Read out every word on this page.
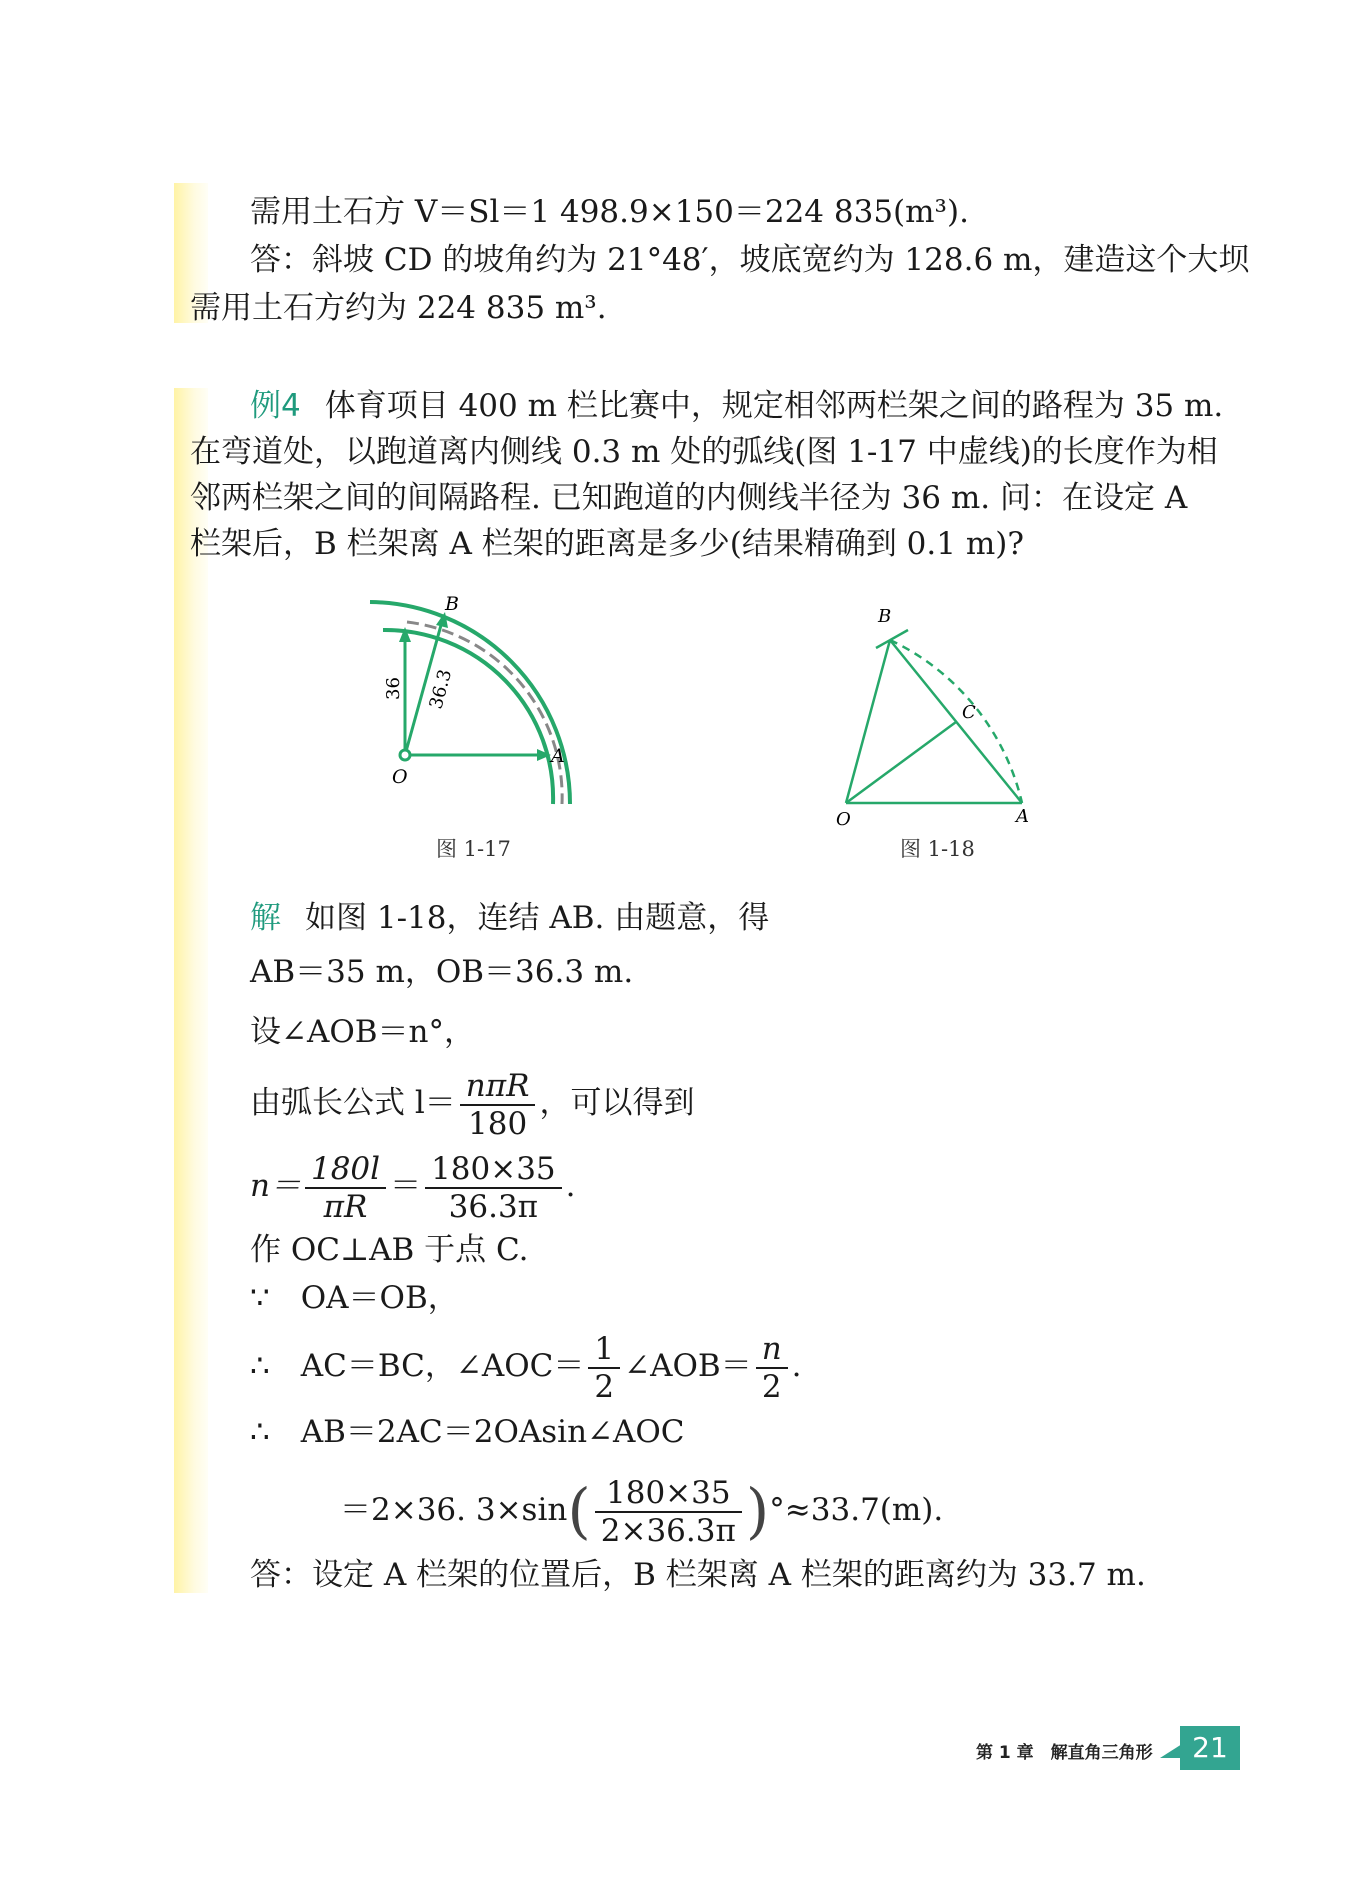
需用土石方 V＝Sl＝1 498.9×150＝224 835(m³).
答：斜坡 CD 的坡角约为 21°48′，坡底宽约为 128.6 m，建造这个大坝
需用土石方约为 224 835 m³.
例4 体育项目 400 m 栏比赛中，规定相邻两栏架之间的路程为 35 m.
在弯道处，以跑道离内侧线 0.3 m 处的弧线(图 1-17 中虚线)的长度作为相
邻两栏架之间的间隔路程. 已知跑道的内侧线半径为 36 m. 问：在设定 A
栏架后，B 栏架离 A 栏架的距离是多少(结果精确到 0.1 m)?
B
A
O
36 36.3
图 1-17
B
C
O	A
图 1-18
解 如图 1-18，连结 AB. 由题意，得
AB＝35 m，OB＝36.3 m.
设∠AOB＝n°，
由弧长公式 $l= \frac{\text{nπR}}{180}$ ，可以得到
$n= \frac{180l}{\pi R} = \frac{180\times 35}{36.3\pi}$ .
作 OC⊥AB 于点 C.
∵　OA＝OB，
∴　AC＝BC，∠AOC＝ $\frac{1}{2}$ ∠AOB＝ $\frac{n}{2}$ .
∴　AB＝2AC＝2OAsin∠AOC
＝2×36. $3\times\sin( \frac{180\times 35}{2\times 36.3\pi} )^\circ\approx 33.7(m)$.
答：设定 A 栏架的位置后，B 栏架离 A 栏架的距离约为 33.7 m.
第 1 章　解直角三角形	21
